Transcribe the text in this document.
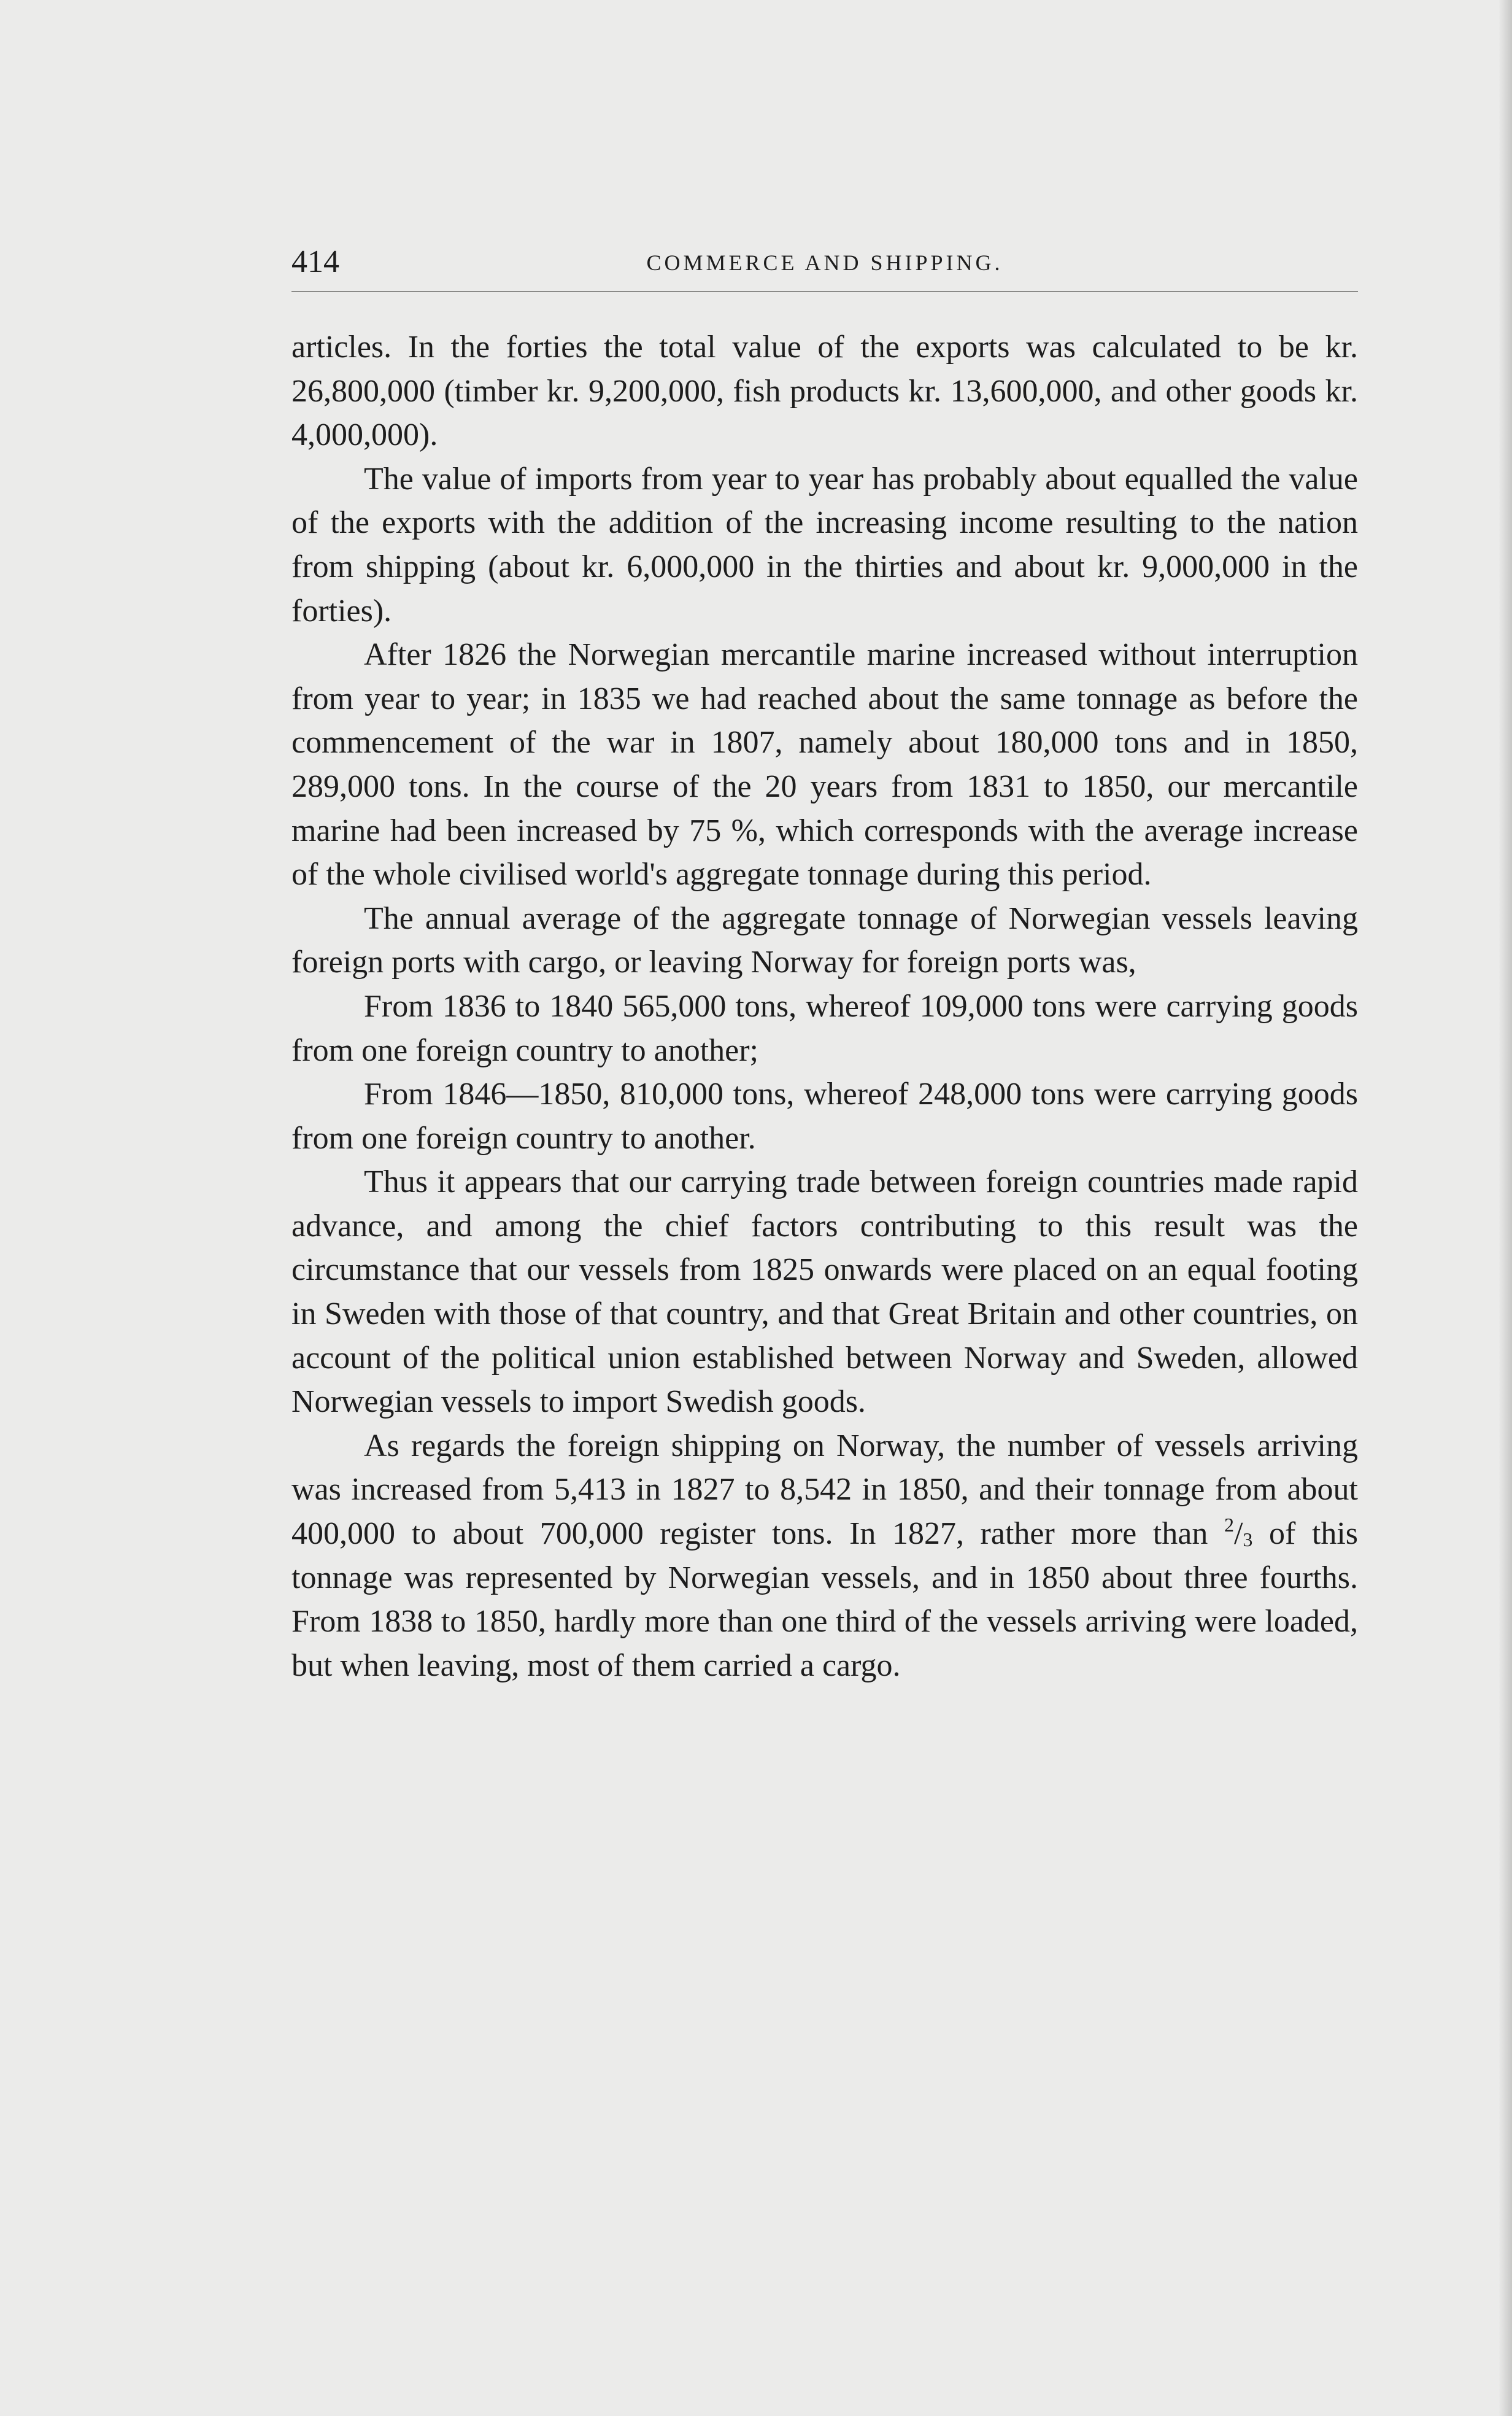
414	COMMERCE AND SHIPPING.

articles. In the forties the total value of the exports was calculated to be kr. 26,800,000 (timber kr. 9,200,000, fish products kr. 13,600,000, and other goods kr. 4,000,000).

The value of imports from year to year has probably about equalled the value of the exports with the addition of the increasing income resulting to the nation from shipping (about kr. 6,000,000 in the thirties and about kr. 9,000,000 in the forties).

After 1826 the Norwegian mercantile marine increased without interruption from year to year; in 1835 we had reached about the same tonnage as before the commencement of the war in 1807, namely about 180,000 tons and in 1850, 289,000 tons. In the course of the 20 years from 1831 to 1850, our mercantile marine had been increased by 75 %, which corresponds with the average increase of the whole civilised world's aggregate tonnage during this period.

The annual average of the aggregate tonnage of Norwegian vessels leaving foreign ports with cargo, or leaving Norway for foreign ports was,

From 1836 to 1840 565,000 tons, whereof 109,000 tons were carrying goods from one foreign country to another;

From 1846—1850, 810,000 tons, whereof 248,000 tons were carrying goods from one foreign country to another.

Thus it appears that our carrying trade between foreign countries made rapid advance, and among the chief factors contributing to this result was the circumstance that our vessels from 1825 onwards were placed on an equal footing in Sweden with those of that country, and that Great Britain and other countries, on account of the political union established between Norway and Sweden, allowed Norwegian vessels to import Swedish goods.

As regards the foreign shipping on Norway, the number of vessels arriving was increased from 5,413 in 1827 to 8,542 in 1850, and their tonnage from about 400,000 to about 700,000 register tons. In 1827, rather more than $^2/_3$ of this tonnage was represented by Norwegian vessels, and in 1850 about three fourths. From 1838 to 1850, hardly more than one third of the vessels arriving were loaded, but when leaving, most of them carried a cargo.
